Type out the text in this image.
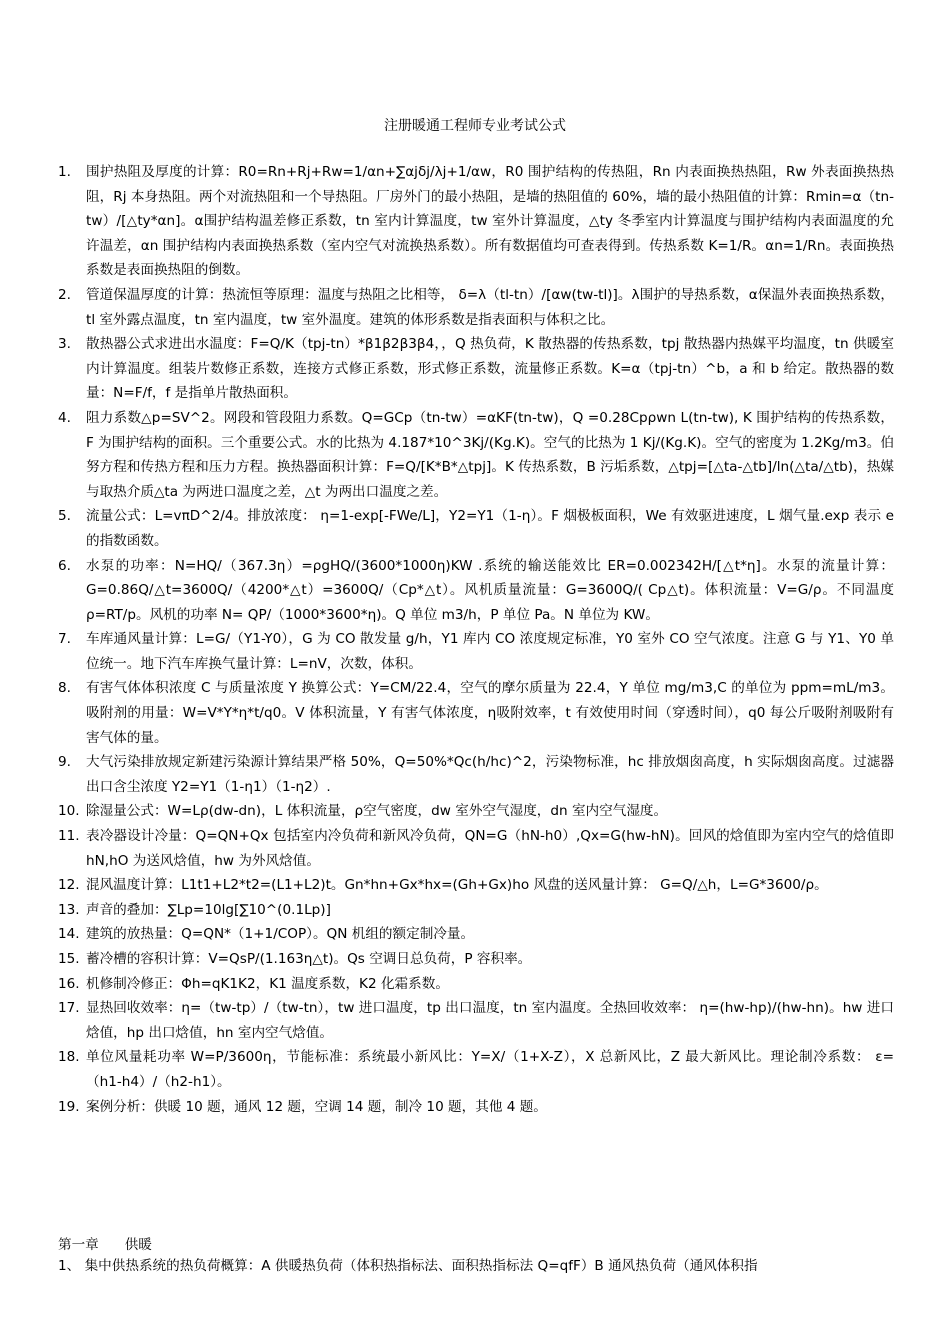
注册暖通工程师专业考试公式
1.	围护热阻及厚度的计算：R0=Rn+Rj+Rw=1/αn+∑αjδj/λj+1/αw，R0 围护结构的传热阻，Rn 内表面换热热阻，Rw 外表面换热热阻，Rj 本身热阻。两个对流热阻和一个导热阻。厂房外门的最小热阻，是墙的热阻值的 60%，墙的最小热阻值的计算：Rmin=α（tn-tw）/[△ty*αn]。α围护结构温差修正系数，tn 室内计算温度，tw 室外计算温度，△ty 冬季室内计算温度与围护结构内表面温度的允许温差，αn 围护结构内表面换热系数（室内空气对流换热系数）。所有数据值均可查表得到。传热系数 K=1/R。αn=1/Rn。表面换热系数是表面换热阻的倒数。
2.	管道保温厚度的计算：热流恒等原理：温度与热阻之比相等， δ=λ（tl-tn）/[αw(tw-tl)]。λ围护的导热系数，α保温外表面换热系数，tl 室外露点温度，tn 室内温度，tw 室外温度。建筑的体形系数是指表面积与体积之比。
3.	散热器公式求进出水温度：F=Q/K（tpj-tn）*β1β2β3β4，，Q 热负荷，K 散热器的传热系数，tpj 散热器内热媒平均温度，tn 供暖室内计算温度。组装片数修正系数，连接方式修正系数，形式修正系数，流量修正系数。K=α（tpj-tn）^b，a 和 b 给定。散热器的数量：N=F/f，f 是指单片散热面积。
4.	阻力系数△p=SV^2。网段和管段阻力系数。Q=GCp（tn-tw）=αKF(tn-tw)，Q =0.28Cpρwn L(tn-tw), K 围护结构的传热系数，F 为围护结构的面积。三个重要公式。水的比热为 4.187*10^3Kj/(Kg.K)。空气的比热为 1 Kj/(Kg.K)。空气的密度为 1.2Kg/m3。伯努方程和传热方程和压力方程。换热器面积计算：F=Q/[K*B*△tpj]。K 传热系数，B 污垢系数，△tpj=[△ta-△tb]/ln(△ta/△tb)，热媒与取热介质△ta 为两进口温度之差，△t 为两出口温度之差。
5.	流量公式：L=vπD^2/4。排放浓度： η=1-exp[-FWe/L]，Y2=Y1（1-η）。F 烟极板面积，We 有效驱进速度，L 烟气量.exp 表示 e 的指数函数。
6.	水泵的功率：N=HQ/（367.3η）=ρgHQ/(3600*1000η)KW .系统的输送能效比 ER=0.002342H/[△t*η]。水泵的流量计算：G=0.86Q/△t=3600Q/（4200*△t）=3600Q/（Cp*△t）。风机质量流量：G=3600Q/( Cp△t)。体积流量：V=G/ρ。不同温度ρ=RT/p。风机的功率 N= QP/（1000*3600*η)。Q 单位 m3/h，P 单位 Pa。N 单位为 KW。
7.	车库通风量计算：L=G/（Y1-Y0），G 为 CO 散发量 g/h，Y1 库内 CO 浓度规定标准，Y0 室外 CO 空气浓度。注意 G 与 Y1、Y0 单位统一。地下汽车库换气量计算：L=nV，次数，体积。
8.	有害气体体积浓度 C 与质量浓度 Y 换算公式：Y=CM/22.4，空气的摩尔质量为 22.4，Y 单位 mg/m3,C 的单位为 ppm=mL/m3。吸附剂的用量：W=V*Y*η*t/q0。V 体积流量，Y 有害气体浓度，η吸附效率，t 有效使用时间（穿透时间），q0 每公斤吸附剂吸附有害气体的量。
9.	大气污染排放规定新建污染源计算结果严格 50%，Q=50%*Qc(h/hc)^2，污染物标准，hc 排放烟囱高度，h 实际烟囱高度。过滤器出口含尘浓度 Y2=Y1（1-η1）（1-η2）.
10. 除湿量公式：W=Lρ(dw-dn)，L 体积流量，ρ空气密度，dw 室外空气湿度，dn 室内空气湿度。
11. 表冷器设计冷量：Q=QN+Qx 包括室内冷负荷和新风冷负荷，QN=G（hN-h0）,Qx=G(hw-hN)。回风的焓值即为室内空气的焓值即 hN,hO 为送风焓值，hw 为外风焓值。
12. 混风温度计算：L1t1+L2*t2=(L1+L2)t。Gn*hn+Gx*hx=(Gh+Gx)ho 风盘的送风量计算： G=Q/△h，L=G*3600/ρ。
13. 声音的叠加：∑Lp=10lg[∑10^(0.1Lp)]
14. 建筑的放热量：Q=QN*（1+1/COP）。QN 机组的额定制冷量。
15. 蓄冷槽的容积计算：V=QsP/(1.163η△t)。Qs 空调日总负荷，P 容积率。
16. 机修制冷修正：Φh=qK1K2，K1 温度系数，K2 化霜系数。
17. 显热回收效率：η=（tw-tp）/（tw-tn），tw 进口温度，tp 出口温度，tn 室内温度。全热回收效率： η=(hw-hp)/(hw-hn)。hw 进口焓值，hp 出口焓值，hn 室内空气焓值。
18. 单位风量耗功率 W=P/3600η，节能标准：系统最小新风比：Y=X/（1+X-Z），X 总新风比，Z 最大新风比。理论制冷系数： ε=（h1-h4）/（h2-h1）。
19. 案例分析：供暖 10 题，通风 12 题，空调 14 题，制冷 10 题，其他 4 题。
第一章      供暖
1、 集中供热系统的热负荷概算：A 供暖热负荷（体积热指标法、面积热指标法 Q=qfF）B 通风热负荷（通风体积指
